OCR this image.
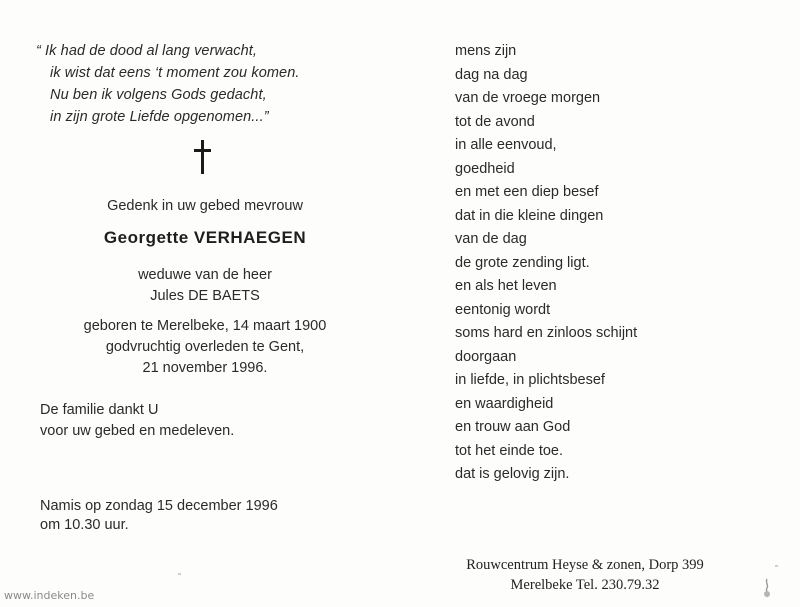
“ Ik had de dood al lang verwacht,
ik wist dat eens ‘t moment zou komen.
Nu ben ik volgens Gods gedacht,
in zijn grote Liefde opgenomen...”
Gedenk in uw gebed mevrouw
Georgette VERHAEGEN
weduwe van de heer
Jules DE BAETS
geboren te Merelbeke, 14 maart 1900
godvruchtig overleden te Gent,
21 november 1996.
De familie dankt U
voor uw gebed en medeleven.
Namis op zondag 15 december 1996
om 10.30 uur.
mens zijn
dag na dag
van de vroege morgen
tot de avond
in alle eenvoud,
goedheid
en met een diep besef
dat in die kleine dingen
van de dag
de grote zending ligt.
en als het leven
eentonig wordt
soms hard en zinloos schijnt
doorgaan
in liefde, in plichtsbesef
en waardigheid
en trouw aan God
tot het einde toe.
dat is gelovig zijn.
Rouwcentrum Heyse & zonen, Dorp 399
Merelbeke Tel. 230.79.32
www.indeken.be
